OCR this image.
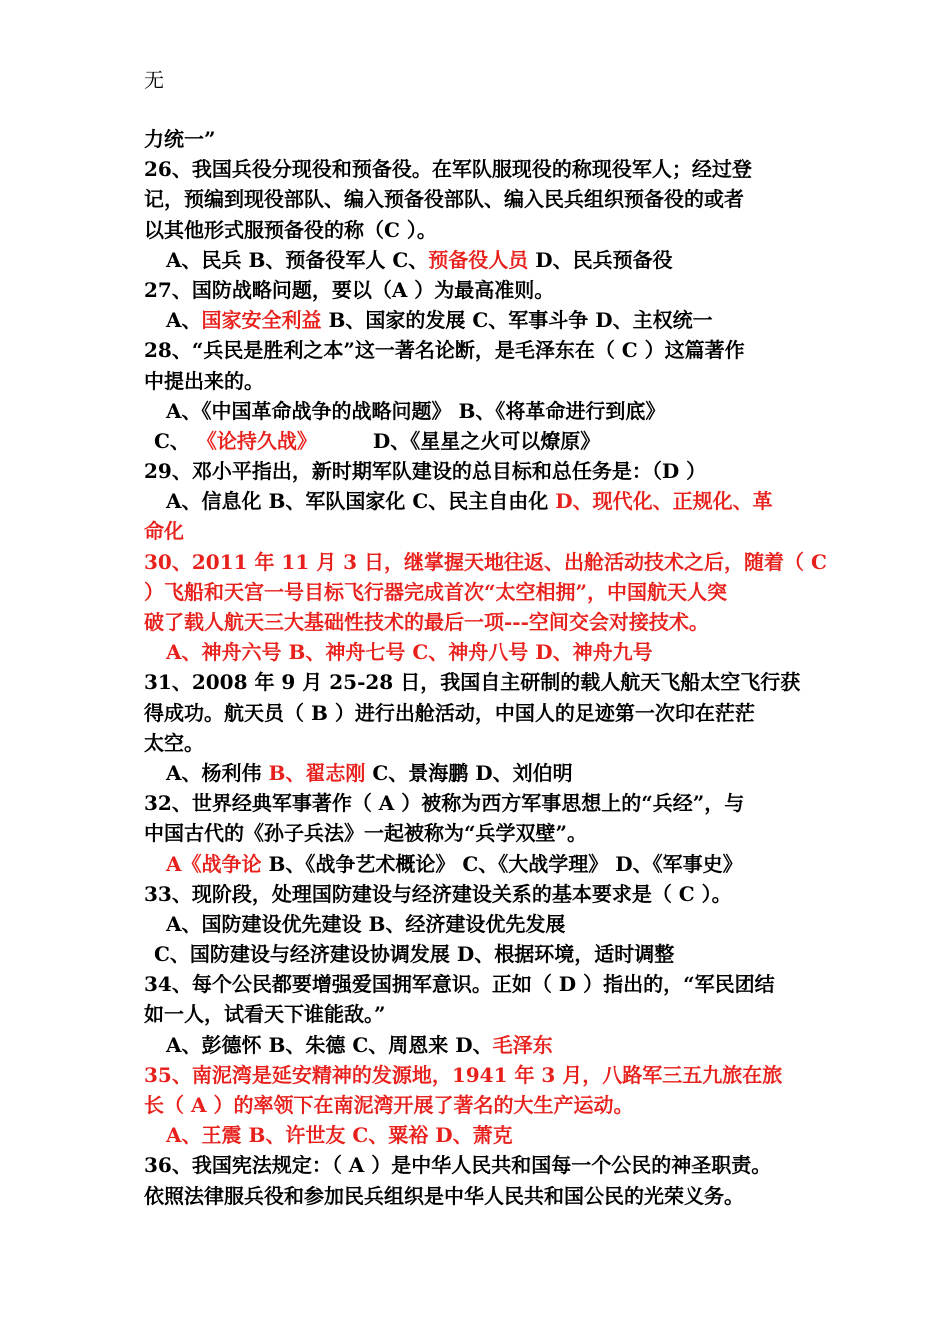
无
力统一”
26、我国兵役分现役和预备役。在军队服现役的称现役军人；经过登
记，预编到现役部队、编入预备役部队、编入民兵组织预备役的或者
以其他形式服预备役的称（C ）。
A、民兵 B、预备役军人 C、预备役人员 D、民兵预备役
27、国防战略问题，要以（A ）为最高准则。
A、国家安全利益 B、国家的发展 C、军事斗争 D、主权统一
28、“兵民是胜利之本”这一著名论断，是毛泽东在（ C ）这篇著作
中提出来的。
A、《中国革命战争的战略问题》 B、《将革命进行到底》
C、 《论持久战》	D、《星星之火可以燎原》
29、邓小平指出，新时期军队建设的总目标和总任务是：（D ）
A、信息化 B、军队国家化 C、民主自由化 D、现代化、正规化、革
命化
30、2011 年 11 月 3 日，继掌握天地往返、出舱活动技术之后，随着（ C
）飞船和天宫一号目标飞行器完成首次“太空相拥”，中国航天人突
破了载人航天三大基础性技术的最后一项---空间交会对接技术。
A、神舟六号 B、神舟七号 C、神舟八号 D、神舟九号
31、2008 年 9 月 25-28 日，我国自主研制的载人航天飞船太空飞行获
得成功。航天员（ B ）进行出舱活动，中国人的足迹第一次印在茫茫
太空。
A、杨利伟 B、翟志刚 C、景海鹏 D、刘伯明
32、世界经典军事著作（ A ）被称为西方军事思想上的“兵经”，与
中国古代的《孙子兵法》一起被称为“兵学双壁”。
A《战争论 B、《战争艺术概论》 C、《大战学理》 D、《军事史》
33、现阶段，处理国防建设与经济建设关系的基本要求是（ C ）。
A、国防建设优先建设 B、经济建设优先发展
C、国防建设与经济建设协调发展 D、根据环境，适时调整
34、每个公民都要增强爱国拥军意识。正如（ D ）指出的，“军民团结
如一人，试看天下谁能敌。”
A、彭德怀 B、朱德 C、周恩来 D、毛泽东
35、南泥湾是延安精神的发源地，1941 年 3 月，八路军三五九旅在旅
长（ A ）的率领下在南泥湾开展了著名的大生产运动。
A、王震 B、许世友 C、粟裕 D、萧克
36、我国宪法规定：（ A ）是中华人民共和国每一个公民的神圣职责。
依照法律服兵役和参加民兵组织是中华人民共和国公民的光荣义务。
